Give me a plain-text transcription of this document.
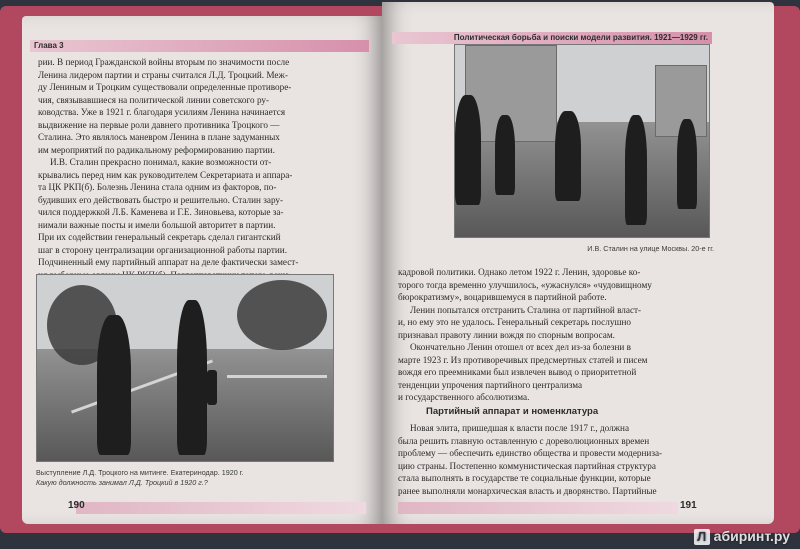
Глава 3

рии. В период Гражданской войны вторым по значимости после
Ленина лидером партии и страны считался Л.Д. Троцкий. Меж-
ду Лениным и Троцким существовали определенные противоре-
чия, связывавшиеся на политической линии советского ру-
ководства. Уже в 1921 г. благодаря усилиям Ленина начинается
выдвижение на первые роли давнего противника Троцкого —
Сталина. Это являлось маневром Ленина в плане задуманных
им мероприятий по радикальному реформированию партии.

И.В. Сталин прекрасно понимал, какие возможности от-
крывались перед ним как руководителем Секретариата и аппара-
та ЦК РКП(б). Болезнь Ленина стала одним из факторов, по-
будивших его действовать быстро и решительно. Сталин зару-
чился поддержкой Л.Б. Каменева и Г.Е. Зиновьева, которые за-
нимали важные посты и имели большой авторитет в партии.
При их содействии генеральный секретарь сделал гигантский
шаг в сторону централизации организационной работы партии.
Подчиненный ему партийный аппарат на деле фактически замест-

Выступление Л.Д. Троцкого на митинге. Екатеринодар. 1920 г.
Какую должность занимал Л.Д. Троцкий в 1920 г.?
190
Политическая борьба и поиски модели развития. 1921—1929 гг.
И.В. Сталин на улице Москвы. 20-е гг.

кадровой политики. Однако летом 1922 г. Ленин, здоровье ко-
торого тогда временно улучшилось, «ужаснулся» «чудовищному
бюрократизму», воцарившемуся в партийной работе.

Ленин попытался отстранить Сталина от партийной власт-
и, но ему это не удалось. Генеральный секретарь послушно
признавал правоту линии вождя по спорным вопросам.

Окончательно Ленин отошел от всех дел из-за болезни в
марте 1923 г. Из противоречивых предсмертных статей и писем
вождя его преемниками был извлечен вывод о приоритетной
тенденции упрочения партийного централизма
и государственного абсолютизма.

Партийный аппарат и номенклатура

Новая элита, пришедшая к власти после 1917 г., должна
была решить главную оставленную с дореволюционных времен
проблему — обеспечить единство общества и провести модерниза-
цию страны. Постепенно коммунистическая партийная структура
стала выполнять в государстве те социальные функции, которые
ранее выполняли монархическая власть и дворянство. Партийные

191
Л абиринт.ру
